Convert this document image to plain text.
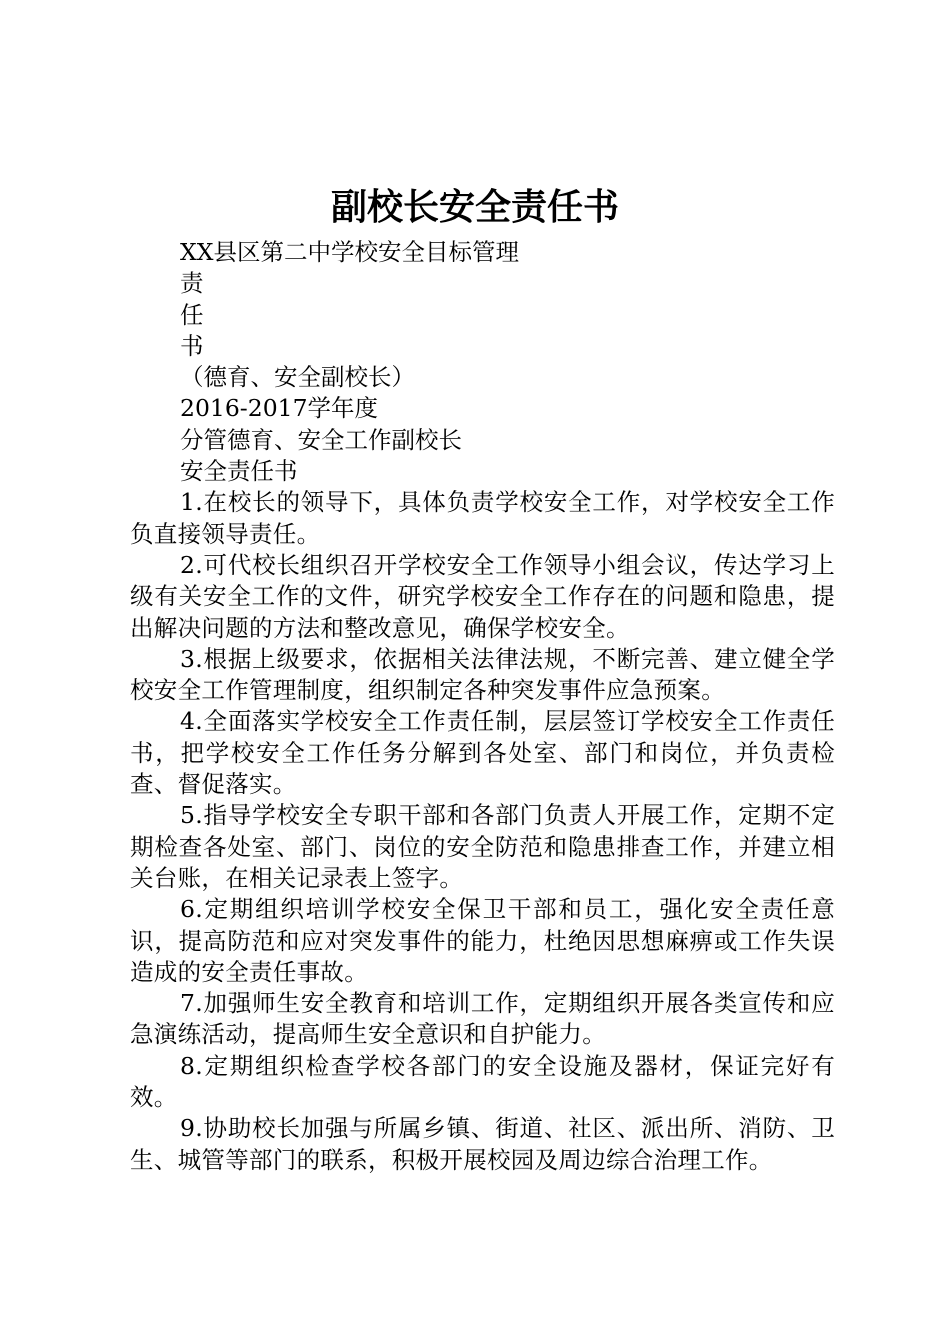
副校长安全责任书

XX县区第二中学校安全目标管理

责

任

书

（德育、安全副校长）

2016-2017学年度

分管德育、安全工作副校长

安全责任书

1.在校长的领导下，具体负责学校安全工作，对学校安全工作负直接领导责任。

2.可代校长组织召开学校安全工作领导小组会议，传达学习上级有关安全工作的文件，研究学校安全工作存在的问题和隐患，提出解决问题的方法和整改意见，确保学校安全。

3.根据上级要求，依据相关法律法规，不断完善、建立健全学校安全工作管理制度，组织制定各种突发事件应急预案。

4.全面落实学校安全工作责任制，层层签订学校安全工作责任书，把学校安全工作任务分解到各处室、部门和岗位，并负责检查、督促落实。

5.指导学校安全专职干部和各部门负责人开展工作，定期不定期检查各处室、部门、岗位的安全防范和隐患排查工作，并建立相关台账，在相关记录表上签字。

6.定期组织培训学校安全保卫干部和员工，强化安全责任意识，提高防范和应对突发事件的能力，杜绝因思想麻痹或工作失误造成的安全责任事故。

7.加强师生安全教育和培训工作，定期组织开展各类宣传和应急演练活动，提高师生安全意识和自护能力。

8.定期组织检查学校各部门的安全设施及器材，保证完好有效。

9.协助校长加强与所属乡镇、街道、社区、派出所、消防、卫生、城管等部门的联系，积极开展校园及周边综合治理工作。
